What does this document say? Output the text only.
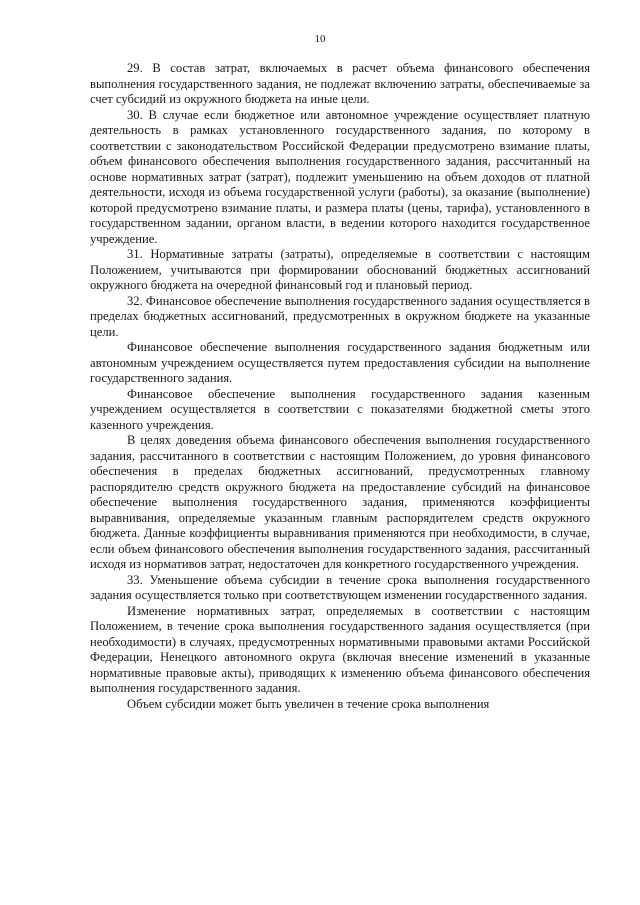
10

29. В состав затрат, включаемых в расчет объема финансового обеспечения выполнения государственного задания, не подлежат включению затраты, обеспечиваемые за счет субсидий из окружного бюджета на иные цели.

30. В случае если бюджетное или автономное учреждение осуществляет платную деятельность в рамках установленного государственного задания, по которому в соответствии с законодательством Российской Федерации предусмотрено взимание платы, объем финансового обеспечения выполнения государственного задания, рассчитанный на основе нормативных затрат (затрат), подлежит уменьшению на объем доходов от платной деятельности, исходя из объема государственной услуги (работы), за оказание (выполнение) которой предусмотрено взимание платы, и размера платы (цены, тарифа), установленного в государственном задании, органом власти, в ведении которого находится государственное учреждение.

31. Нормативные затраты (затраты), определяемые в соответствии с настоящим Положением, учитываются при формировании обоснований бюджетных ассигнований окружного бюджета на очередной финансовый год и плановый период.

32. Финансовое обеспечение выполнения государственного задания осуществляется в пределах бюджетных ассигнований, предусмотренных в окружном бюджете на указанные цели.

Финансовое обеспечение выполнения государственного задания бюджетным или автономным учреждением осуществляется путем предоставления субсидии на выполнение государственного задания.

Финансовое обеспечение выполнения государственного задания казенным учреждением осуществляется в соответствии с показателями бюджетной сметы этого казенного учреждения.

В целях доведения объема финансового обеспечения выполнения государственного задания, рассчитанного в соответствии с настоящим Положением, до уровня финансового обеспечения в пределах бюджетных ассигнований, предусмотренных главному распорядителю средств окружного бюджета на предоставление субсидий на финансовое обеспечение выполнения государственного задания, применяются коэффициенты выравнивания, определяемые указанным главным распорядителем средств окружного бюджета. Данные коэффициенты выравнивания применяются при необходимости, в случае, если объем финансового обеспечения выполнения государственного задания, рассчитанный исходя из нормативов затрат, недостаточен для конкретного государственного учреждения.

33. Уменьшение объема субсидии в течение срока выполнения государственного задания осуществляется только при соответствующем изменении государственного задания.

Изменение нормативных затрат, определяемых в соответствии с настоящим Положением, в течение срока выполнения государственного задания осуществляется (при необходимости) в случаях, предусмотренных нормативными правовыми актами Российской Федерации, Ненецкого автономного округа (включая внесение изменений в указанные нормативные правовые акты), приводящих к изменению объема финансового обеспечения выполнения государственного задания.

Объем субсидии может быть увеличен в течение срока выполнения
